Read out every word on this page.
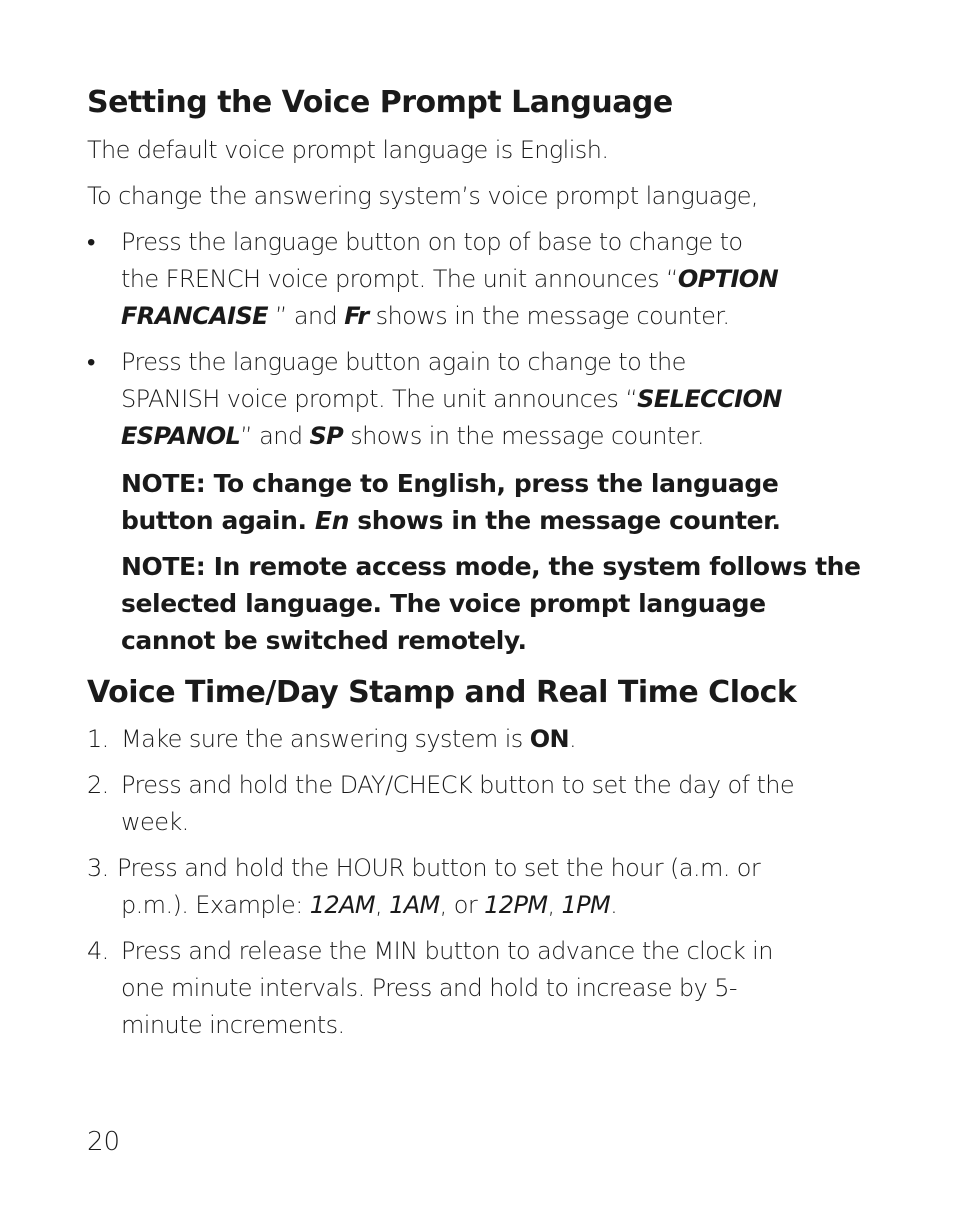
Setting the Voice Prompt Language

The default voice prompt language is English.

To change the answering system’s voice prompt language,

•	Press the language button on top of base to change to
the FRENCH voice prompt. The unit announces “OPTION
FRANCAISE ” and Fr shows in the message counter.
•	Press the language button again to change to the
SPANISH voice prompt. The unit announces “SELECCION
ESPANOL” and SP shows in the message counter.

NOTE: To change to English, press the language button again. En shows in the message counter.

NOTE: In remote access mode, the system follows the selected language. The voice prompt language cannot be switched remotely.

Voice Time/Day Stamp and Real Time Clock
1. Make sure the answering system is ON.
2. Press and hold the DAY/CHECK button to set the day of the
week.
3. Press and hold the HOUR button to set the hour (a.m. or
p.m.). Example: 12AM, 1AM, or 12PM, 1PM.
4. Press and release the MIN button to advance the clock in
one minute intervals. Press and hold to increase by 5-
minute increments.
20
